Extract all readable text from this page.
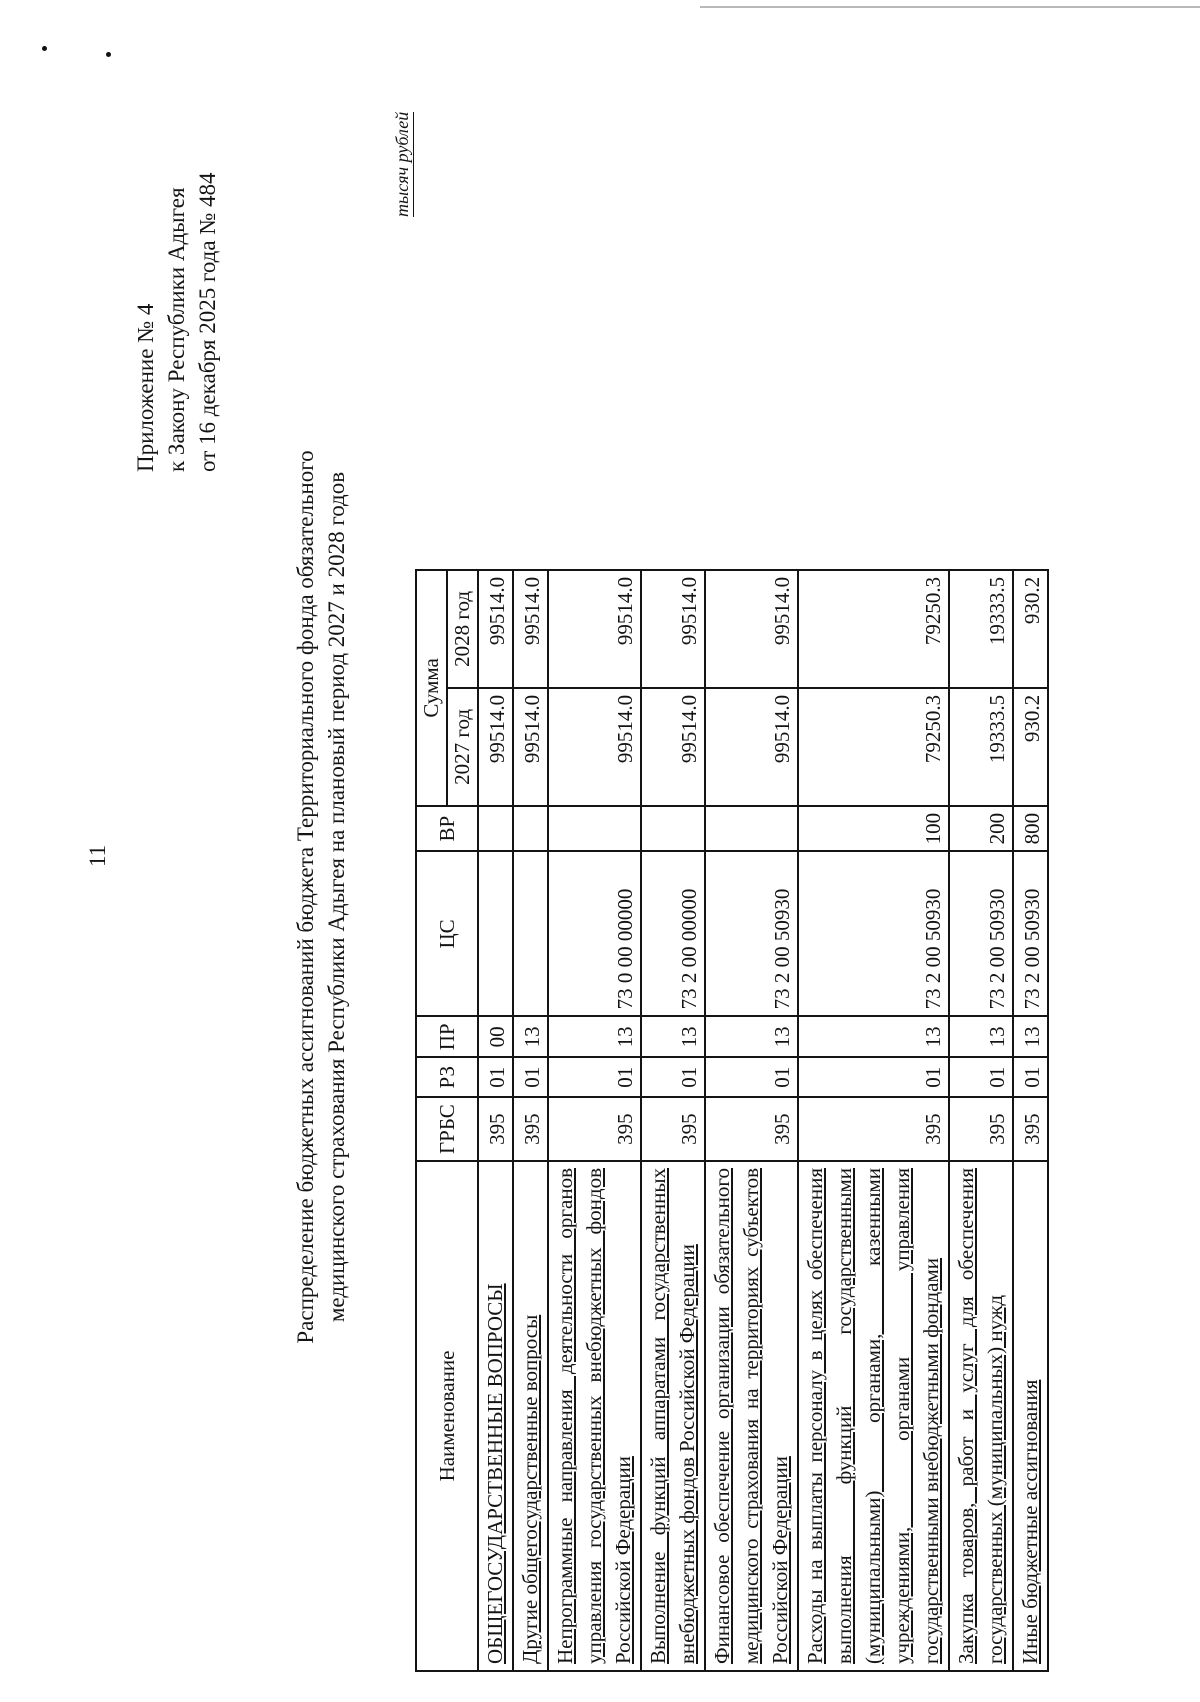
11
Приложение № 4 к Закону Республики Адыгея от 16 декабря 2025 года № 484
Распределение бюджетных ассигнований бюджета Территориального фонда обязательного медицинского страхования Республики Адыгея на плановый период 2027 и 2028 годов
тысяч рублей
Наименование	ГРБС	РЗ	ПР	ЦС	ВР	Сумма	
						2027 год	2028 год
ОБЩЕГОСУДАРСТВЕННЫЕ ВОПРОСЫ	395	01	00			99514.0	99514.0
Другие общегосударственные вопросы	395	01	13			99514.0	99514.0
Непрограммные направления деятельности органов управления государственных внебюджетных фондов Российской Федерации	395	01	13	73 0 00 00000		99514.0	99514.0
Выполнение функций аппаратами государственных внебюджетных фондов Российской Федерации	395	01	13	73 2 00 00000		99514.0	99514.0
Финансовое обеспечение организации обязательного медицинского страхования на территориях субъектов Российской Федерации	395	01	13	73 2 00 50930		99514.0	99514.0
Расходы на выплаты персоналу в целях обеспечения выполнения функций государственными (муниципальными) органами, казенными учреждениями, органами управления государственными внебюджетными фондами	395	01	13	73 2 00 50930	100	79250.3	79250.3
Закупка товаров, работ и услуг для обеспечения государственных (муниципальных) нужд	395	01	13	73 2 00 50930	200	19333.5	19333.5
Иные бюджетные ассигнования	395	01	13	73 2 00 50930	800	930.2	930.2
